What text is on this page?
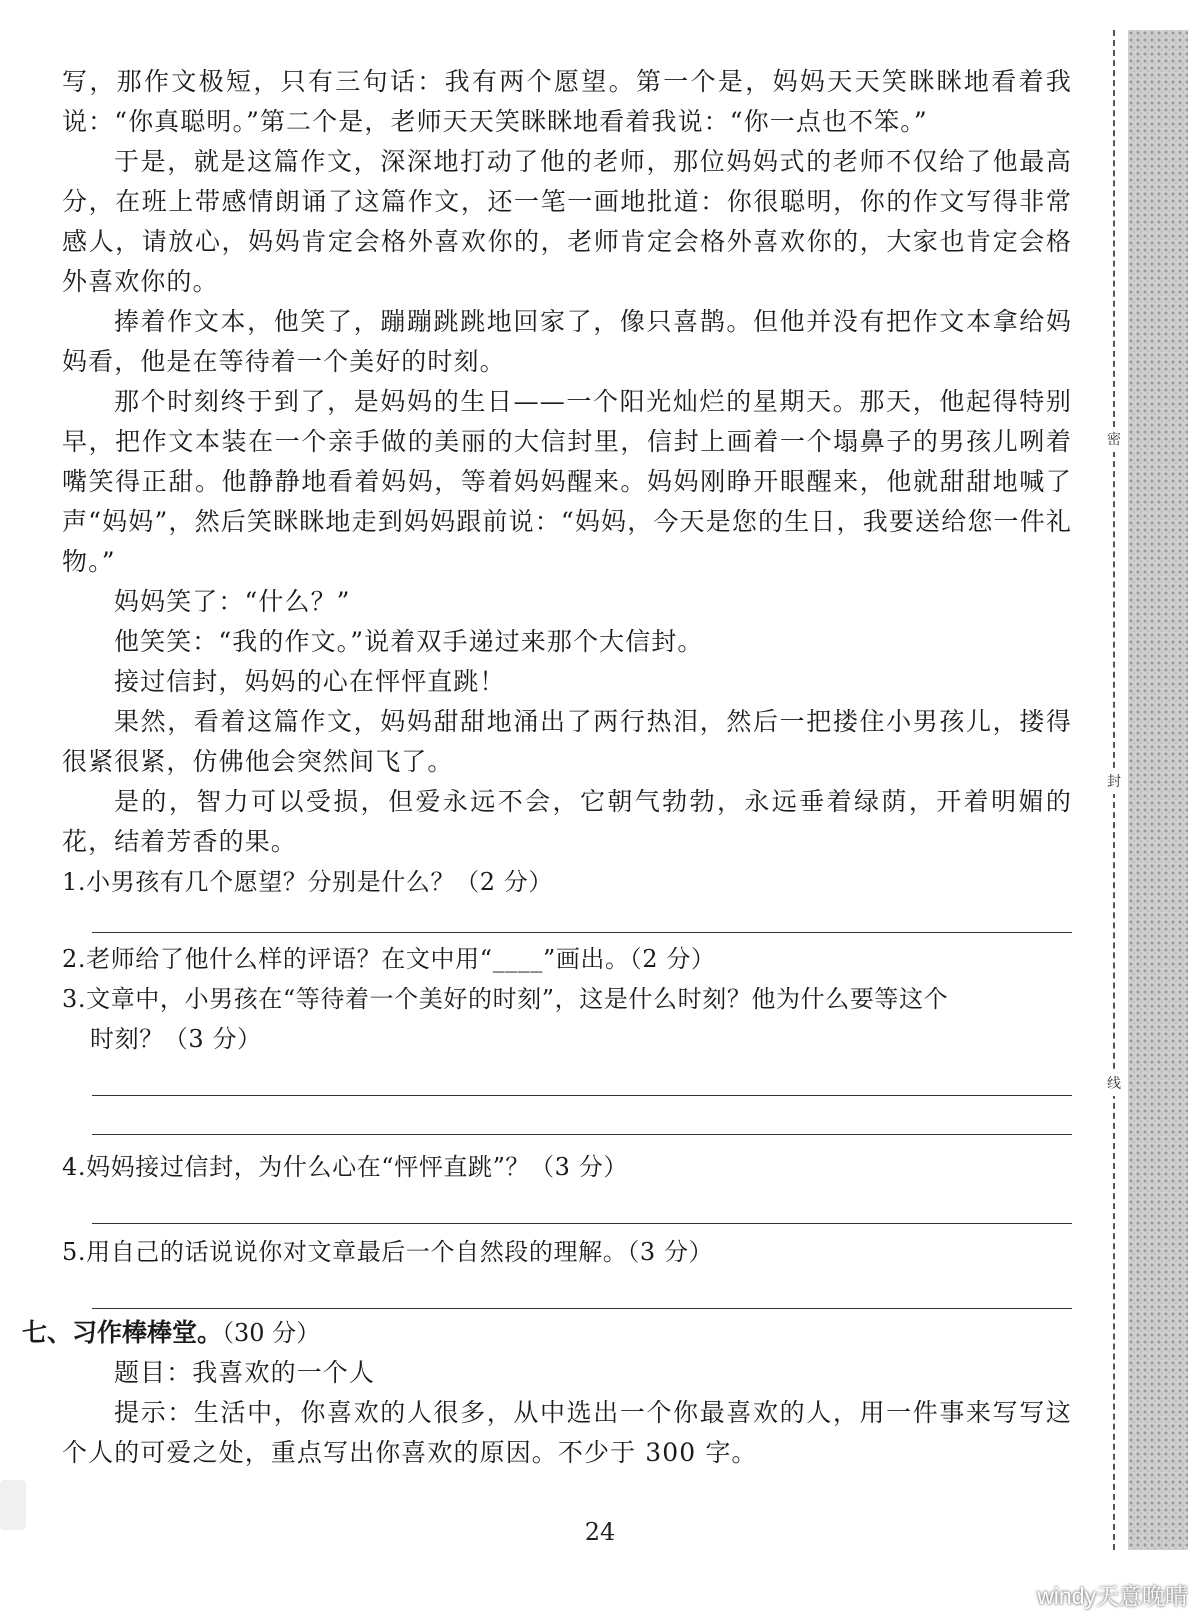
密
封
线

写，那作文极短，只有三句话：我有两个愿望。第一个是，妈妈天天笑眯眯地看着我说：“你真聪明。”第二个是，老师天天笑眯眯地看着我说：“你一点也不笨。”

于是，就是这篇作文，深深地打动了他的老师，那位妈妈式的老师不仅给了他最高分，在班上带感情朗诵了这篇作文，还一笔一画地批道：你很聪明，你的作文写得非常感人，请放心，妈妈肯定会格外喜欢你的，老师肯定会格外喜欢你的，大家也肯定会格外喜欢你的。

捧着作文本，他笑了，蹦蹦跳跳地回家了，像只喜鹊。但他并没有把作文本拿给妈妈看，他是在等待着一个美好的时刻。

那个时刻终于到了，是妈妈的生日——一个阳光灿烂的星期天。那天，他起得特别早，把作文本装在一个亲手做的美丽的大信封里，信封上画着一个塌鼻子的男孩儿咧着嘴笑得正甜。他静静地看着妈妈，等着妈妈醒来。妈妈刚睁开眼醒来，他就甜甜地喊了声“妈妈”，然后笑眯眯地走到妈妈跟前说：“妈妈，今天是您的生日，我要送给您一件礼物。”

妈妈笑了：“什么？”

他笑笑：“我的作文。”说着双手递过来那个大信封。

接过信封，妈妈的心在怦怦直跳！

果然，看着这篇作文，妈妈甜甜地涌出了两行热泪，然后一把搂住小男孩儿，搂得很紧很紧，仿佛他会突然间飞了。

是的，智力可以受损，但爱永远不会，它朝气勃勃，永远垂着绿荫，开着明媚的花，结着芳香的果。

1.小男孩有几个愿望？分别是什么？（2 分）

2.老师给了他什么样的评语？在文中用“____”画出。（2 分）

3.文章中，小男孩在“等待着一个美好的时刻”，这是什么时刻？他为什么要等这个

时刻？（3 分）

4.妈妈接过信封，为什么心在“怦怦直跳”？（3 分）

5.用自己的话说说你对文章最后一个自然段的理解。（3 分）

七、习作棒棒堂。（30 分）

题目：我喜欢的一个人

提示：生活中，你喜欢的人很多，从中选出一个你最喜欢的人，用一件事来写写这个人的可爱之处，重点写出你喜欢的原因。不少于 300 字。

24
windy天意晚晴
